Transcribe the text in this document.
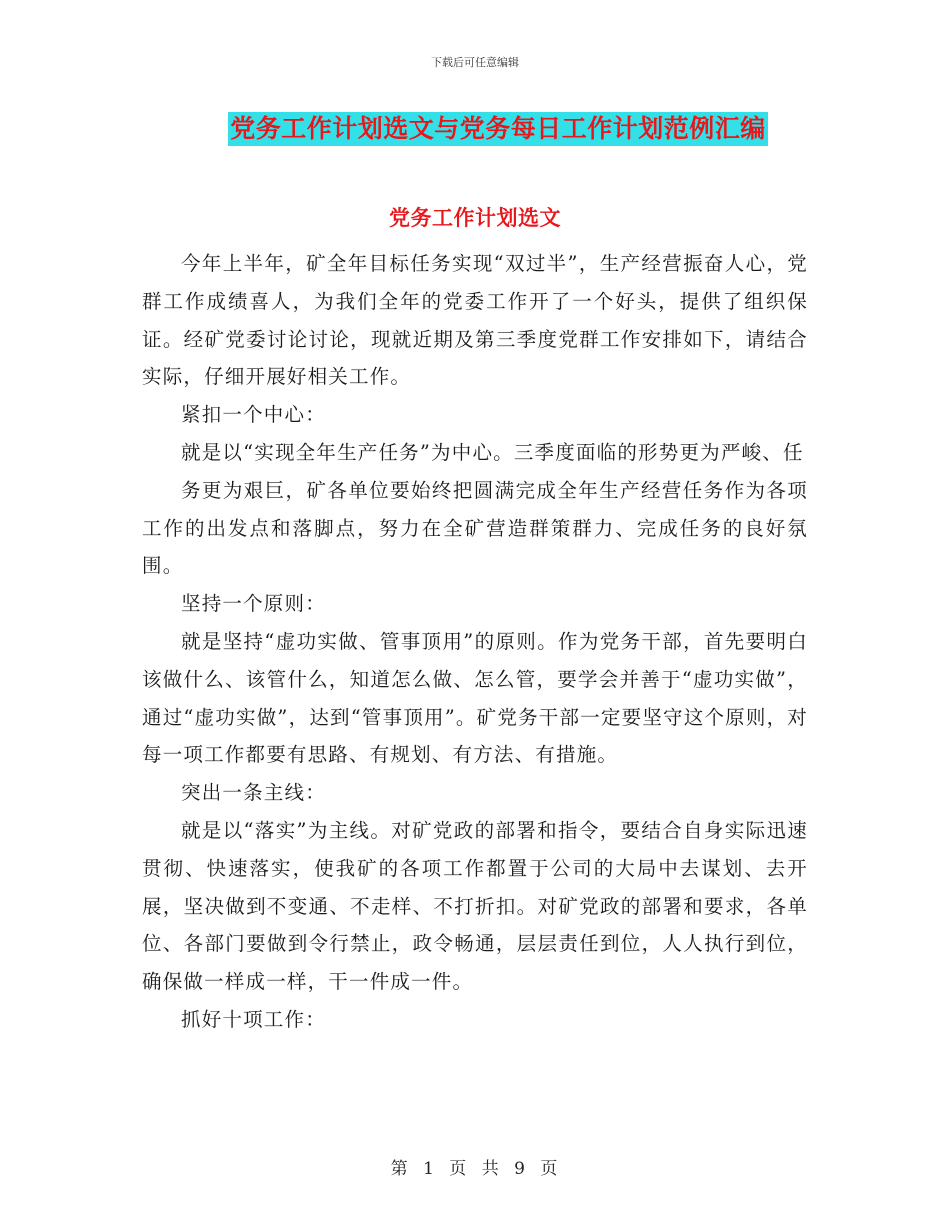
下载后可任意编辑
党务工作计划选文与党务每日工作计划范例汇编
党务工作计划选文

今年上半年，矿全年目标任务实现“双过半”，生产经营振奋人心，党群工作成绩喜人，为我们全年的党委工作开了一个好头，提供了组织保证。经矿党委讨论讨论，现就近期及第三季度党群工作安排如下，请结合实际，仔细开展好相关工作。

紧扣一个中心：

就是以“实现全年生产任务”为中心。三季度面临的形势更为严峻、任

务更为艰巨，矿各单位要始终把圆满完成全年生产经营任务作为各项工作的出发点和落脚点，努力在全矿营造群策群力、完成任务的良好氛围。

坚持一个原则：

就是坚持“虚功实做、管事顶用”的原则。作为党务干部，首先要明白该做什么、该管什么，知道怎么做、怎么管，要学会并善于“虚功实做”，通过“虚功实做”，达到“管事顶用”。矿党务干部一定要坚守这个原则，对每一项工作都要有思路、有规划、有方法、有措施。

突出一条主线：

就是以“落实”为主线。对矿党政的部署和指令，要结合自身实际迅速贯彻、快速落实，使我矿的各项工作都置于公司的大局中去谋划、去开展，坚决做到不变通、不走样、不打折扣。对矿党政的部署和要求，各单位、各部门要做到令行禁止，政令畅通，层层责任到位，人人执行到位，确保做一样成一样，干一件成一件。

抓好十项工作：

第 1 页 共 9 页
